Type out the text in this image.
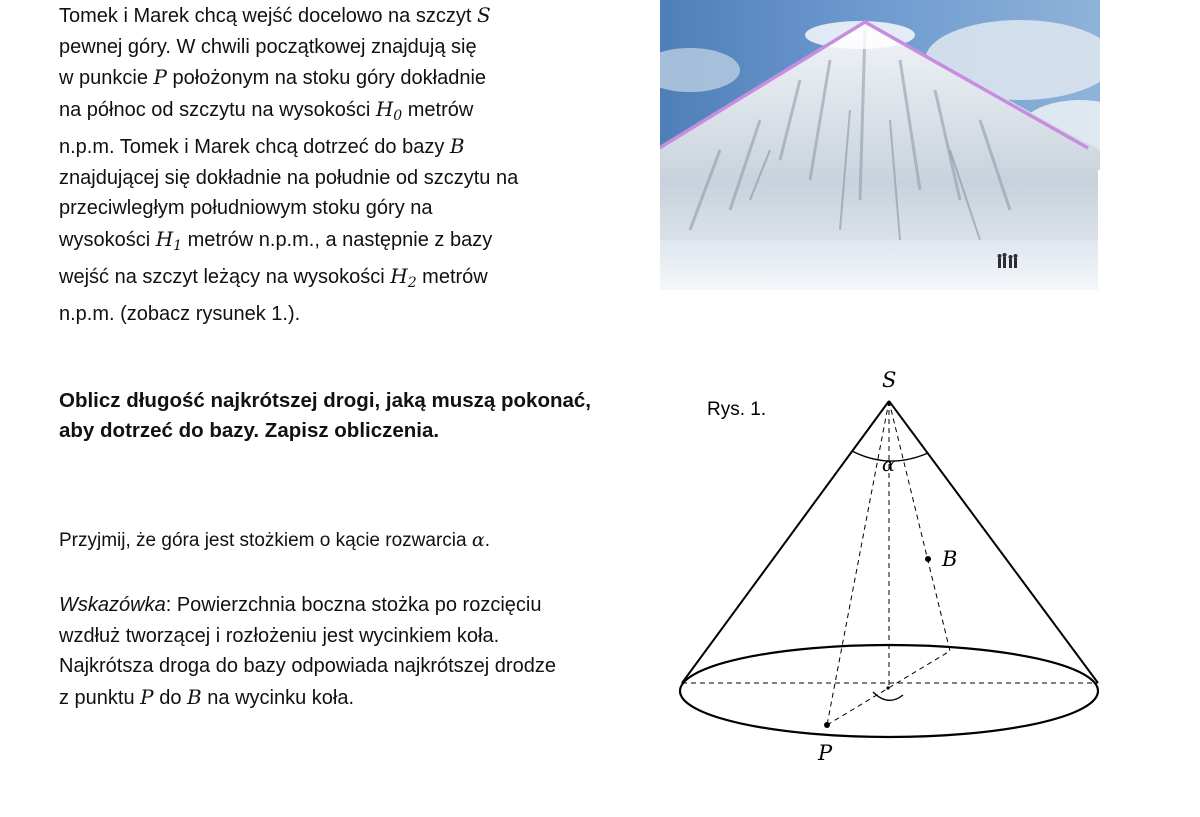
Tomek i Marek chcą wejść docelowo na szczyt S

pewnej góry. W chwili początkowej znajdują się

w punkcie P położonym na stoku góry dokładnie

na północ od szczytu na wysokości $H_0$ metrów

n.p.m. Tomek i Marek chcą dotrzeć do bazy B

znajdującej się dokładnie na południe od szczytu na

przeciwległym południowym stoku góry na

wysokości $H_1$ metrów n.p.m., a następnie z bazy

wejść na szczyt leżący na wysokości $H_2$ metrów

n.p.m. (zobacz rysunek 1.).

Oblicz długość najkrótszej drogi, jaką muszą pokonać, aby dotrzeć do bazy. Zapisz obliczenia.
Przyjmij, że góra jest stożkiem o kącie rozwarcia α.
Wskazówka: Powierzchnia boczna stożka po rozcięciu
wzdłuż tworzącej i rozłożeniu jest wycinkiem koła.
Najkrótsza droga do bazy odpowiada najkrótszej drodze
z punktu P do B na wycinku koła.
S
B
P
α
Rys. 1.
